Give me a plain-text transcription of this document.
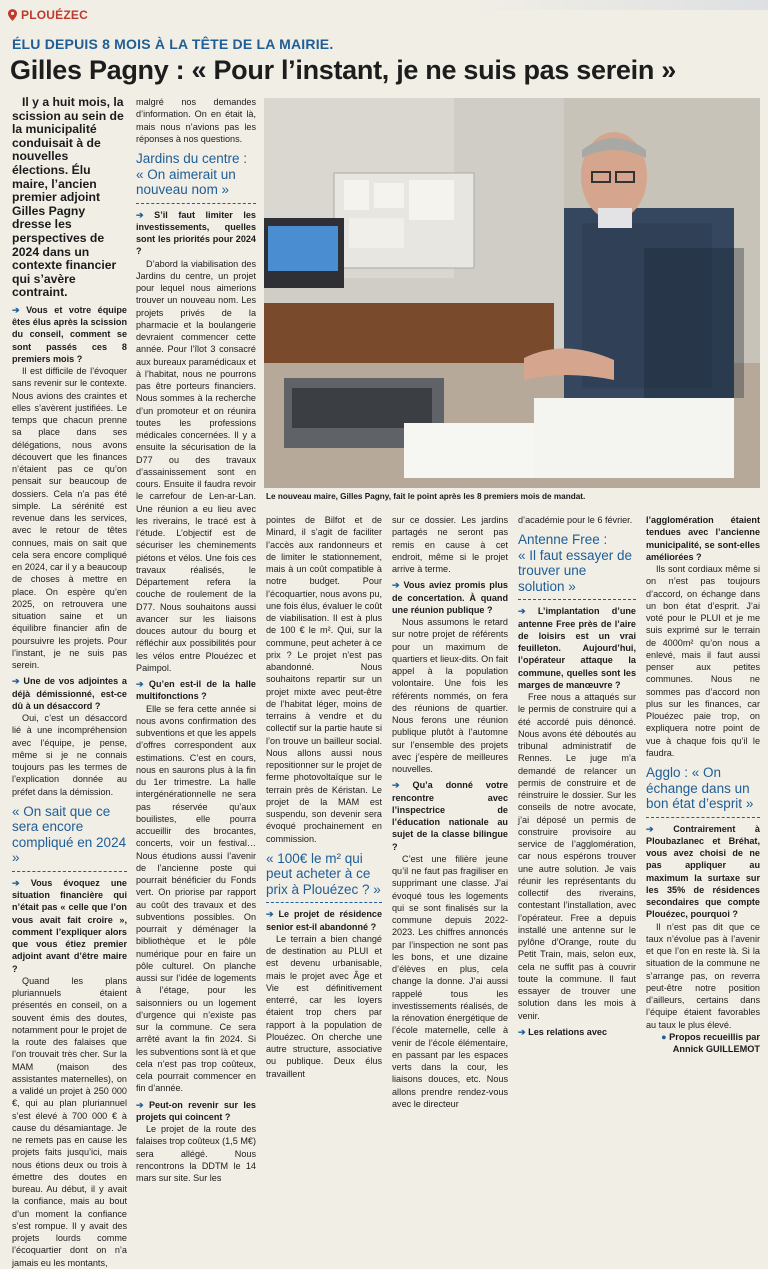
PLOUÉZEC
ÉLU DEPUIS 8 MOIS À LA TÊTE DE LA MAIRIE.
Gilles Pagny : « Pour l’instant, je ne suis pas serein »

Il y a huit mois, la scission au sein de la municipalité conduisait à de nouvelles élections. Élu maire, l’ancien premier adjoint Gilles Pagny dresse les perspectives de 2024 dans un contexte financier qui s’avère contraint.

➔ Vous et votre équipe êtes élus après la scission du conseil, comment se sont passés ces 8 premiers mois ?

Il est difficile de l’évoquer sans revenir sur le contexte. Nous avions des craintes et elles s’avèrent justifiées. Le temps que chacun prenne sa place dans ses délégations, nous avons découvert que les finances n’étaient pas ce qu’on pensait sur beaucoup de dossiers. Cela n’a pas été simple. La sérénité est revenue dans les services, avec le retour de têtes connues, mais on sait que cela sera encore compliqué en 2024, car il y a beaucoup de choses à mettre en place. On espère qu’en 2025, on retrouvera une situation saine et un équilibre financier afin de poursuivre les projets. Pour l’instant, je ne suis pas serein.

➔ Une de vos adjointes a déjà démissionné, est-ce dû à un désaccord ?

Oui, c’est un désaccord lié à une incompréhension avec l’équipe, je pense, même si je ne connais toujours pas les termes de l’explication donnée au préfet dans la démission.

« On sait que ce sera encore compliqué en 2024 »

➔ Vous évoquez une situation financière qui n’était pas « celle que l’on vous avait fait croire », comment l’expliquer alors que vous étiez premier adjoint avant d’être maire ?

Quand les plans pluriannuels étaient présentés en conseil, on a souvent émis des doutes, notamment pour le projet de la route des falaises que l’on trouvait très cher. Sur la MAM (maison des assistantes maternelles), on a validé un projet à 250 000 €, qui au plan pluriannuel s’est élevé à 700 000 € à cause du désamiantage. Je ne remets pas en cause les projets faits jusqu’ici, mais nous étions deux ou trois à émettre des doutes en bureau. Au début, il y avait la confiance, mais au bout d’un moment la confiance s’est rompue. Il y avait des projets lourds comme l’écoquartier dont on n’a jamais eu les montants,

malgré nos demandes d’information. On en était là, mais nous n’avions pas les réponses à nos questions.

Jardins du centre :
« On aimerait un nouveau nom »

➔ S’il faut limiter les investissements, quelles sont les priorités pour 2024 ?

D’abord la viabilisation des Jardins du centre, un projet pour lequel nous aimerions trouver un nouveau nom. Les projets privés de la pharmacie et la boulangerie devraient commencer cette année. Pour l’îlot 3 consacré aux bureaux paramédicaux et à l’habitat, nous ne pourrons pas être porteurs financiers. Nous sommes à la recherche d’un promoteur et on réunira toutes les professions médicales concernées. Il y a ensuite la sécurisation de la D77 ou des travaux d’assainissement sont en cours. Ensuite il faudra revoir le carrefour de Len-ar-Lan. Une réunion a eu lieu avec les riverains, le tracé est à l’étude. L’objectif est de sécuriser les cheminements piétons et vélos. Une fois ces travaux réalisés, le Département refera la couche de roulement de la D77. Nous souhaitons aussi avancer sur les liaisons douces autour du bourg et réfléchir aux possibilités pour les vélos entre Plouézec et Paimpol.

➔ Qu’en est-il de la halle multifonctions ?

Elle se fera cette année si nous avons confirmation des subventions et que les appels d’offres correspondent aux estimations. C’est en cours, nous en saurons plus à la fin du 1er trimestre. La halle intergénérationnelle ne sera pas réservée qu’aux bouilistes, elle pourra accueillir des brocantes, concerts, voir un festival… Nous étudions aussi l’avenir de l’ancienne poste qui pourrait bénéficier du Fonds vert. On priorise par rapport au coût des travaux et des subventions possibles. On pourrait y déménager la bibliothèque et le pôle numérique pour en faire un pôle culturel. On planche aussi sur l’idée de logements à l’étage, pour les saisonniers ou un logement d’urgence qui n’existe pas sur la commune. Ce sera arrêté avant la fin 2024. Si les subventions sont là et que cela n’est pas trop coûteux, cela pourrait commencer en fin d’année.

➔ Peut-on revenir sur les projets qui coincent ?

Le projet de la route des falaises trop coûteux (1,5 M€) sera allégé. Nous rencontrons la DDTM le 14 mars sur site. Sur les

Le nouveau maire, Gilles Pagny, fait le point après les 8 premiers mois de mandat.

pointes de Bilfot et de Minard, il s’agit de faciliter l’accès aux randonneurs et de limiter le stationnement, mais à un coût compatible à notre budget. Pour l’écoquartier, nous avons pu, une fois élus, évaluer le coût de viabilisation. Il est à plus de 100 € le m². Qui, sur la commune, peut acheter à ce prix ? Le projet n’est pas abandonné. Nous souhaitons repartir sur un projet mixte avec peut-être de l’habitat léger, moins de terrains à vendre et du collectif sur la partie haute si l’on trouve un bailleur social. Nous allons aussi nous repositionner sur le projet de ferme photovoltaïque sur le terrain près de Kéristan. Le projet de la MAM est suspendu, son devenir sera évoqué prochainement en commission.

« 100€ le m² qui peut acheter à ce prix à Plouézec ? »

➔ Le projet de résidence senior est-il abandonné ?

Le terrain a bien changé de destination au PLUI et est devenu urbanisable, mais le projet avec Âge et Vie est définitivement enterré, car les loyers étaient trop chers par rapport à la population de Plouézec. On cherche une autre structure, associative ou publique. Deux élus travaillent

sur ce dossier. Les jardins partagés ne seront pas remis en cause à cet endroit, même si le projet arrive à terme.

➔ Vous aviez promis plus de concertation. À quand une réunion publique ?

Nous assumons le retard sur notre projet de référents pour un maximum de quartiers et lieux-dits. On fait appel à la population volontaire. Une fois les référents nommés, on fera des réunions de quartier. Nous ferons une réunion publique plutôt à l’automne sur l’ensemble des projets avec j’espère de meilleures nouvelles.

➔ Qu’a donné votre rencontre avec l’inspectrice de l’éducation nationale au sujet de la classe bilingue ?

C’est une filière jeune qu’il ne faut pas fragiliser en supprimant une classe. J’ai évoqué tous les logements qui se sont finalisés sur la commune depuis 2022-2023. Les chiffres annoncés par l’inspection ne sont pas les bons, et une dizaine d’élèves en plus, cela change la donne. J’ai aussi rappelé tous les investissements réalisés, de la rénovation énergétique de l’école maternelle, celle à venir de l’école élémentaire, en passant par les espaces verts dans la cour, les liaisons douces, etc. Nous allons prendre rendez-vous avec le directeur

d’académie pour le 6 février.

Antenne Free :
« Il faut essayer de trouver une solution »

➔ L’implantation d’une antenne Free près de l’aire de loisirs est un vrai feuilleton. Aujourd’hui, l’opérateur attaque la commune, quelles sont les marges de manœuvre ?

Free nous a attaqués sur le permis de construire qui a été accordé puis dénoncé. Nous avons été déboutés au tribunal administratif de Rennes. Le juge m’a demandé de relancer un permis de construire et de réinstruire le dossier. Sur les conseils de notre avocate, j’ai déposé un permis de construire provisoire au service de l’agglomération, car nous espérons trouver une autre solution. Je vais réunir les représentants du collectif des riverains, contestant l’installation, avec l’opérateur. Free a depuis installé une antenne sur le pylône d’Orange, route du Petit Train, mais, selon eux, cela ne suffit pas à couvrir toute la commune. Il faut essayer de trouver une solution dans les mois à venir.

➔ Les relations avec

l’agglomération étaient tendues avec l’ancienne municipalité, se sont-elles améliorées ?

Ils sont cordiaux même si on n’est pas toujours d’accord, on échange dans un bon état d’esprit. J’ai voté pour le PLUI et je me suis exprimé sur le terrain de 4000m² qu’on nous a enlevé, mais il faut aussi penser aux petites communes. Nous ne sommes pas d’accord non plus sur les finances, car Plouézec paie trop, on expliquera notre point de vue à chaque fois qu’il le faudra.

Agglo : « On échange dans un bon état d’esprit »

➔ Contrairement à Ploubazlanec et Bréhat, vous avez choisi de ne pas appliquer au maximum la surtaxe sur les 35% de résidences secondaires que compte Plouézec, pourquoi ?

Il n’est pas dit que ce taux n’évolue pas à l’avenir et que l’on en reste là. Si la situation de la commune ne s’arrange pas, on reverra peut-être notre position d’ailleurs, certains dans l’équipe étaient favorables au taux le plus élevé.

● Propos recueillis par
Annick GUILLEMOT
